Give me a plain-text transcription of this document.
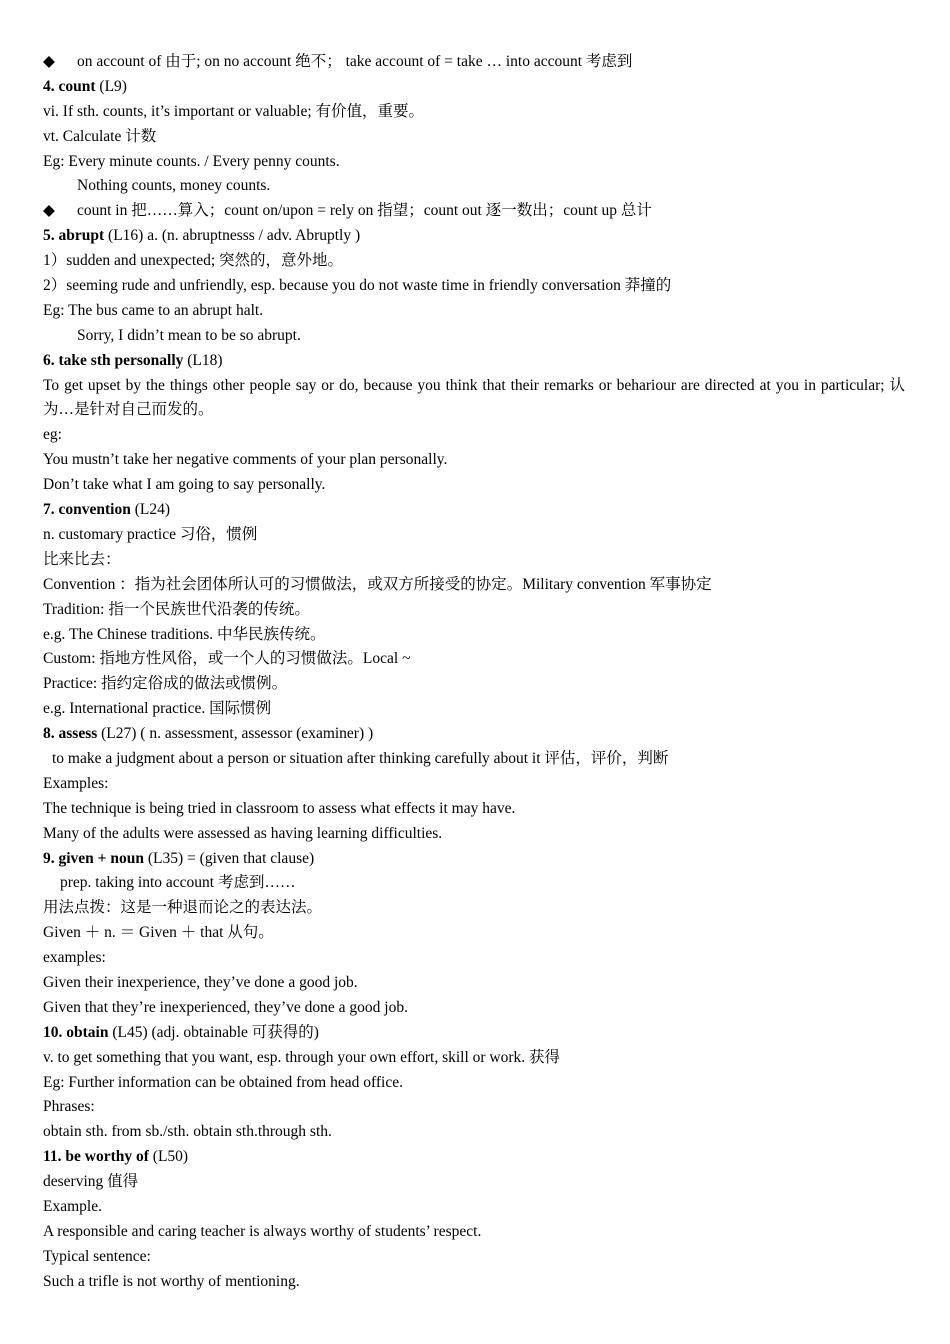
◆ on account of 由于; on no account 绝不； take account of = take … into account 考虑到
4. count (L9)
vi. If sth. counts, it’s important or valuable; 有价值，重要。
vt. Calculate 计数
Eg: Every minute counts. / Every penny counts.
Nothing counts, money counts.
◆ count in 把……算入；count on/upon = rely on 指望；count out 逐一数出；count up 总计
5. abrupt (L16) a. (n. abruptnesss / adv. Abruptly )
1）sudden and unexpected; 突然的，意外地。
2）seeming rude and unfriendly, esp. because you do not waste time in friendly conversation 莽撞的
Eg: The bus came to an abrupt halt.
Sorry, I didn’t mean to be so abrupt.
6. take sth personally (L18)
To get upset by the things other people say or do, because you think that their remarks or behariour are directed at you in particular; 认为…是针对自己而发的。
eg:
You mustn’t take her negative comments of your plan personally.
Don’t take what I am going to say personally.
7. convention (L24)
n. customary practice 习俗，惯例
比来比去：
Convention ：指为社会团体所认可的习惯做法，或双方所接受的协定。Military convention 军事协定
Tradition: 指一个民族世代沿袭的传统。
e.g. The Chinese traditions. 中华民族传统。
Custom: 指地方性风俗，或一个人的习惯做法。Local ~
Practice: 指约定俗成的做法或惯例。
e.g. International practice. 国际惯例
8. assess (L27) ( n. assessment, assessor (examiner) )
to make a judgment about a person or situation after thinking carefully about it 评估，评价，判断
Examples:
The technique is being tried in classroom to assess what effects it may have.
Many of the adults were assessed as having learning difficulties.
9. given + noun (L35) = (given that clause)
prep. taking into account 考虑到……
用法点拨：这是一种退而论之的表达法。
Given ＋ n. ＝ Given ＋ that 从句。
examples:
Given their inexperience, they’ve done a good job.
Given that they’re inexperienced, they’ve done a good job.
10. obtain (L45) (adj. obtainable 可获得的)
v. to get something that you want, esp. through your own effort, skill or work. 获得
Eg: Further information can be obtained from head office.
Phrases:
obtain sth. from sb./sth. obtain sth.through sth.
11. be worthy of (L50)
deserving 值得
Example.
A responsible and caring teacher is always worthy of students’ respect.
Typical sentence:
Such a trifle is not worthy of mentioning.
